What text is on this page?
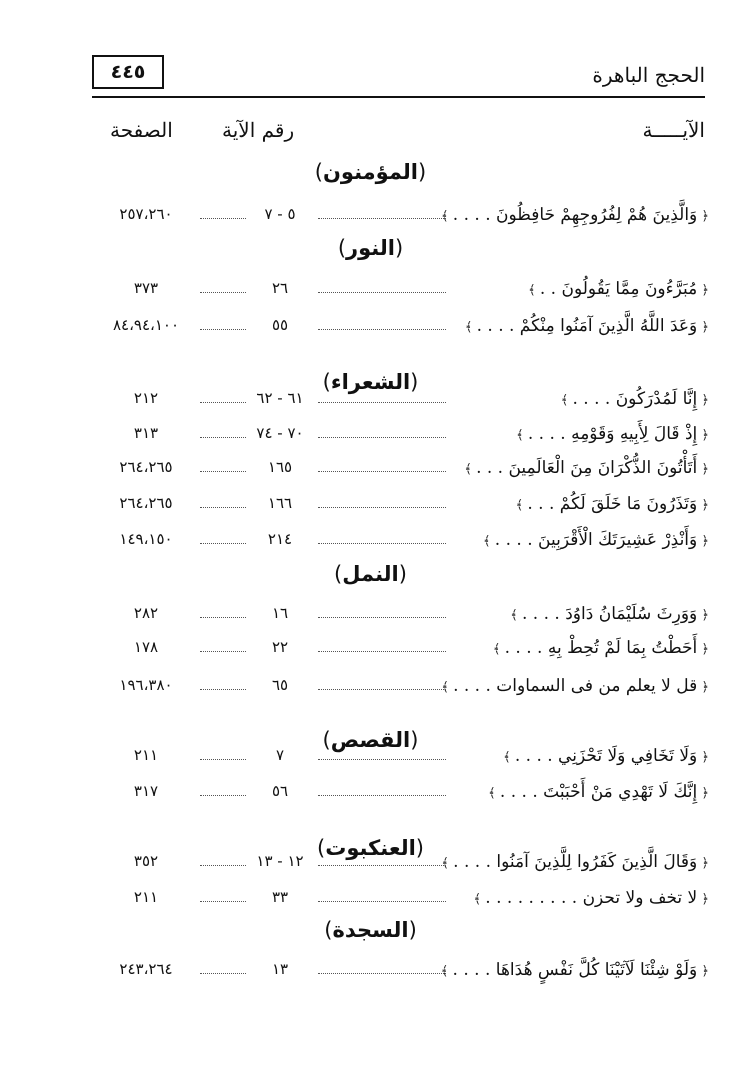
الحجج الباهرة
٤٤٥
الآيـــــة
رقم الآية
الصفحة
(المؤمنون)
﴿ وَالَّذِينَ هُمْ لِفُرُوجِهِمْ حَافِظُونَ . . . . ﴾
٥ - ٧
٢٥٧،٢٦٠
(النور)
﴿ مُبَرَّءُونَ مِمَّا يَقُولُونَ . . ﴾
٢٦
٣٧٣
﴿ وَعَدَ اللَّهُ الَّذِينَ آمَنُوا مِنْكُمْ . . . . ﴾
٥٥
٨٤،٩٤،١٠٠
(الشعراء)
﴿ إِنَّا لَمُدْرَكُونَ . . . . ﴾
٦١ - ٦٢
٢١٢
﴿ إِذْ قَالَ لِأَبِيهِ وَقَوْمِهِ . . . . ﴾
٧٠ - ٧٤
٣١٣
﴿ أَتَأْتُونَ الذُّكْرَانَ مِنَ الْعَالَمِينَ . . . ﴾
١٦٥
٢٦٤،٢٦٥
﴿ وَتَذَرُونَ مَا خَلَقَ لَكُمْ . . . ﴾
١٦٦
٢٦٤،٢٦٥
﴿ وَأَنْذِرْ عَشِيرَتَكَ الْأَقْرَبِينَ . . . . ﴾
٢١٤
١٤٩،١٥٠
(النمل)
﴿ وَوَرِثَ سُلَيْمَانُ دَاوُدَ . . . . ﴾
١٦
٢٨٢
﴿ أَحَطْتُ بِمَا لَمْ تُحِطْ بِهِ . . . . ﴾
٢٢
١٧٨
﴿ قل لا يعلم من فى السماوات . . . . ﴾
٦٥
١٩٦،٣٨٠
(القصص)
﴿ وَلَا تَخَافِي وَلَا تَحْزَنِي . . . . ﴾
٧
٢١١
﴿ إِنَّكَ لَا تَهْدِي مَنْ أَحْبَبْتَ . . . . ﴾
٥٦
٣١٧
(العنكبوت)
﴿ وَقَالَ الَّذِينَ كَفَرُوا لِلَّذِينَ آمَنُوا . . . . ﴾
١٢ - ١٣
٣٥٢
﴿ لا تخف ولا تحزن . . . . . . . . . ﴾
٣٣
٢١١
(السجدة)
﴿ وَلَوْ شِئْنَا لَآتَيْنَا كُلَّ نَفْسٍ هُدَاهَا . . . . ﴾
١٣
٢٤٣،٢٦٤
